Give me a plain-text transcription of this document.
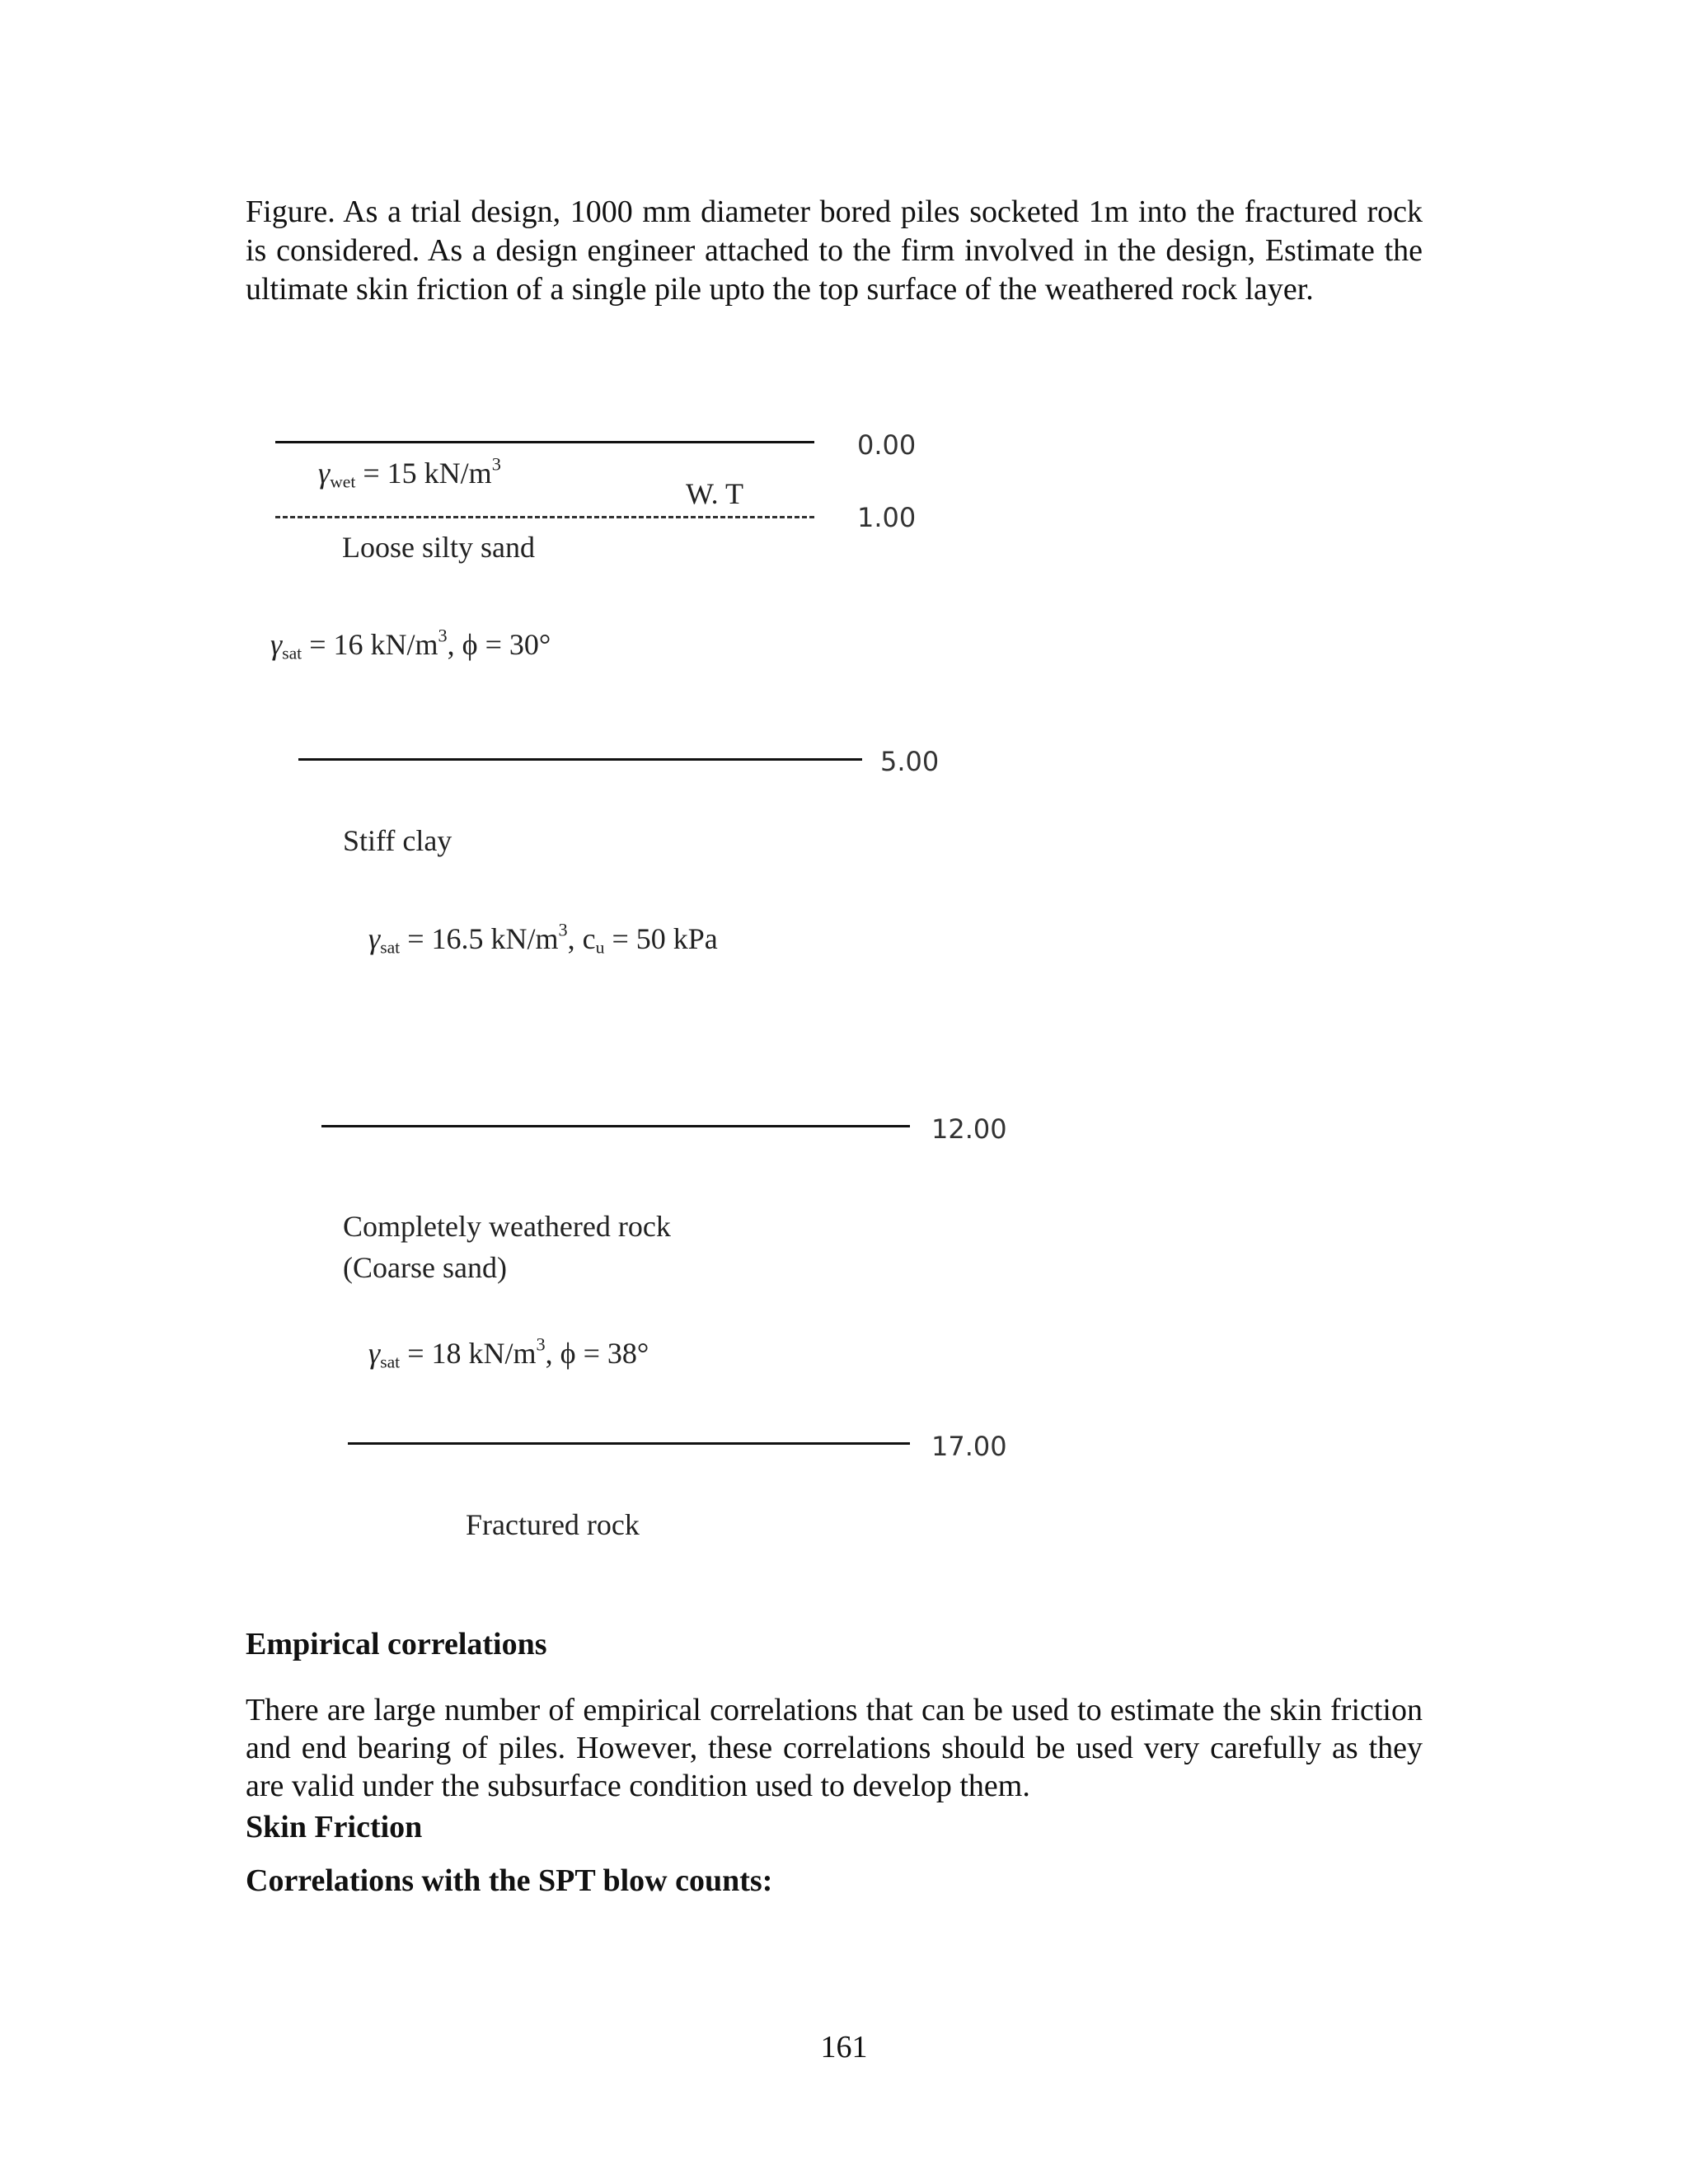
Figure. As a trial design, 1000 mm diameter bored piles socketed 1m into the fractured rock is considered. As a design engineer attached to the firm involved in the design, Estimate the ultimate skin friction of a single pile upto the top surface of the weathered rock layer.

0.00
$\gamma_{wet} = 15$ $kN/m^3$
W. T
1.00
Loose silty sand
$\gamma_{sat} = 16$ $kN/m^3$, ϕ = 30°
5.00
Stiff clay
$\gamma_{sat} = 16.5$ $kN/m^3$, $c_u = 50$ kPa
12.00
Completely weathered rock
(Coarse sand)
$\gamma_{sat} = 18$ $kN/m^3$, ϕ = 38°
17.00
Fractured rock
Empirical correlations

There are large number of empirical correlations that can be used to estimate the skin friction and end bearing of piles. However, these correlations should be used very carefully as they are valid under the subsurface condition used to develop them.

Skin Friction
Correlations with the SPT blow counts:
161
